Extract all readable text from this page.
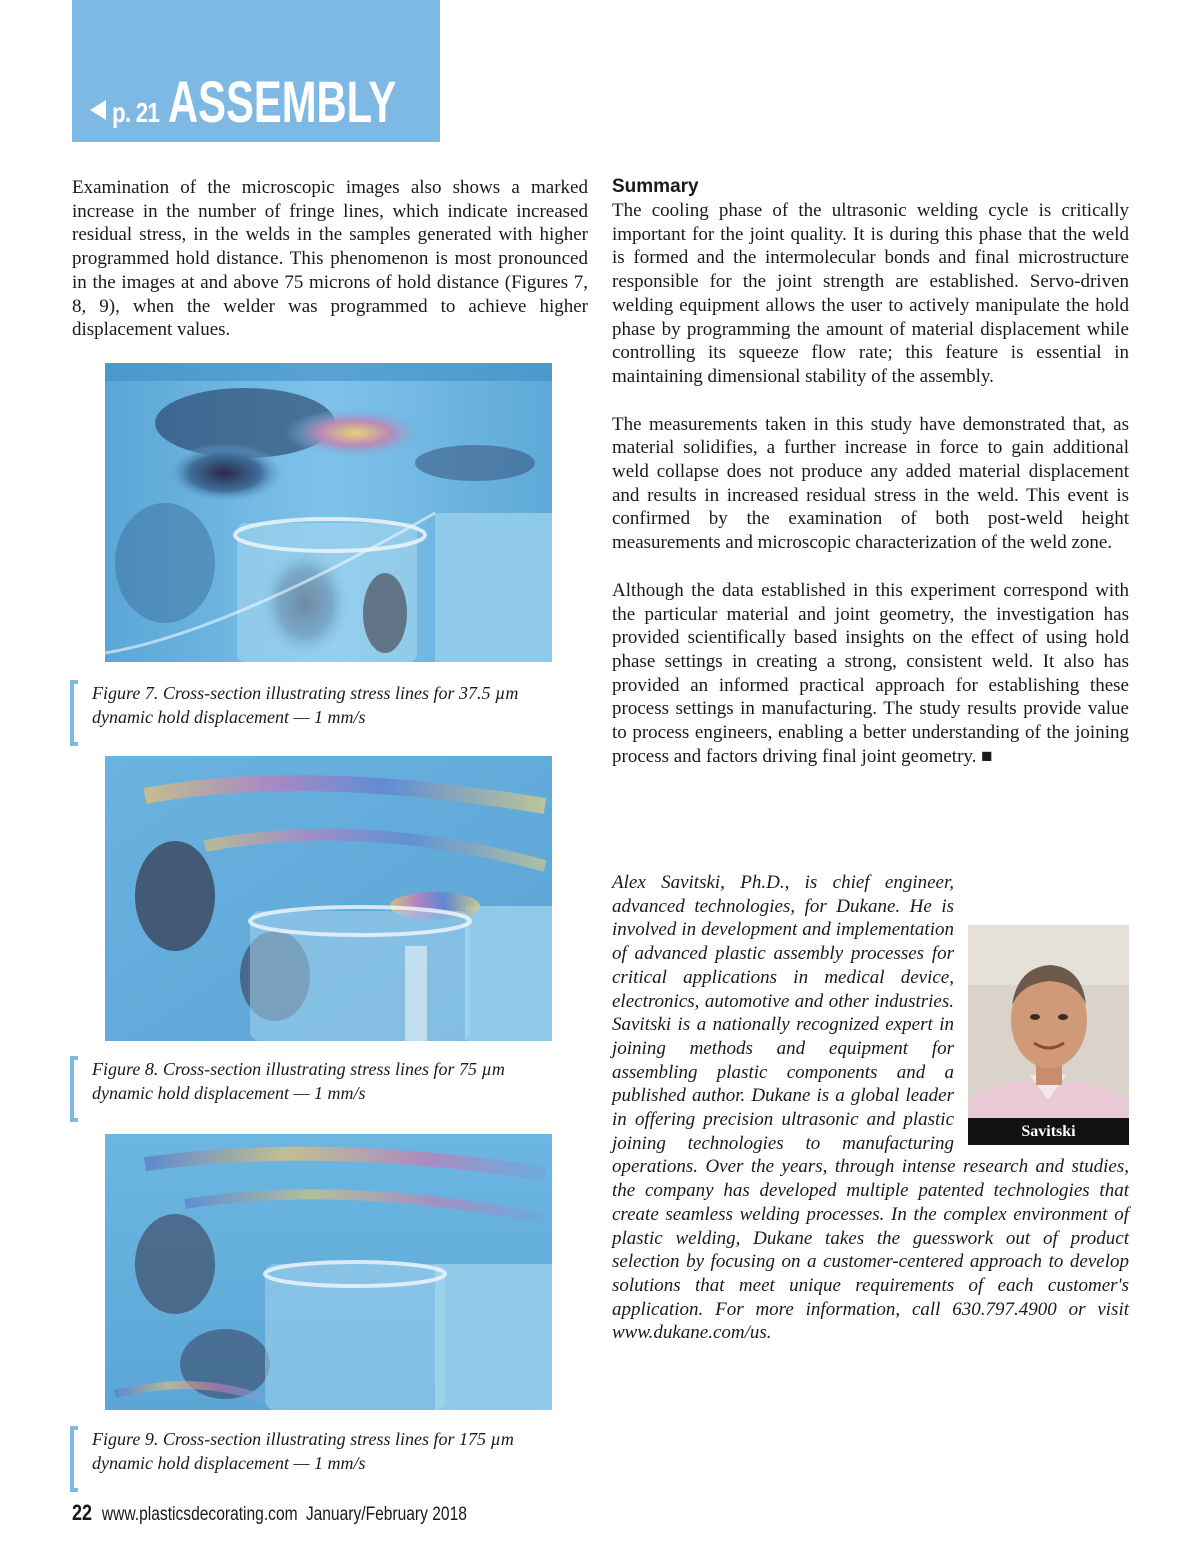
p. 21 ASSEMBLY

Examination of the microscopic images also shows a marked increase in the number of fringe lines, which indicate increased residual stress, in the welds in the samples generated with higher programmed hold distance. This phenomenon is most pronounced in the images at and above 75 microns of hold distance (Figures 7, 8, 9), when the welder was programmed to achieve higher displacement values.

Figure 7. Cross-section illustrating stress lines for 37.5 µm dynamic hold displacement — 1 mm/s
Figure 8. Cross-section illustrating stress lines for 75 µm dynamic hold displacement — 1 mm/s
Figure 9. Cross-section illustrating stress lines for 175 µm dynamic hold displacement — 1 mm/s

Summary

The cooling phase of the ultrasonic welding cycle is critically important for the joint quality. It is during this phase that the weld is formed and the intermolecular bonds and final microstructure responsible for the joint strength are established. Servo-driven welding equipment allows the user to actively manipulate the hold phase by programming the amount of material displacement while controlling its squeeze flow rate; this feature is essential in maintaining dimensional stability of the assembly.

The measurements taken in this study have demonstrated that, as material solidifies, a further increase in force to gain additional weld collapse does not produce any added material displacement and results in increased residual stress in the weld. This event is confirmed by the examination of both post-weld height measurements and microscopic characterization of the weld zone.

Although the data established in this experiment correspond with the particular material and joint geometry, the investigation has provided scientifically based insights on the effect of using hold phase settings in creating a strong, consistent weld. It also has provided an informed practical approach for establishing these process settings in manufacturing. The study results provide value to process engineers, enabling a better understanding of the joining process and factors driving final joint geometry. ■

Savitski
Alex Savitski, Ph.D., is chief engineer, advanced technologies, for Dukane. He is involved in development and implementation of advanced plastic assembly processes for critical applications in medical device, electronics, automotive and other industries. Savitski is a nationally recognized expert in joining methods and equipment for assembling plastic components and a published author. Dukane is a global leader in offering precision ultrasonic and plastic joining technologies to manufacturing operations. Over the years, through intense research and studies, the company has developed multiple patented technologies that create seamless welding processes. In the complex environment of plastic welding, Dukane takes the guesswork out of product selection by focusing on a customer-centered approach to develop solutions that meet unique requirements of each customer's application. For more information, call 630.797.4900 or visit www.dukane.com/us.
22 www.plasticsdecorating.com January/February 2018
